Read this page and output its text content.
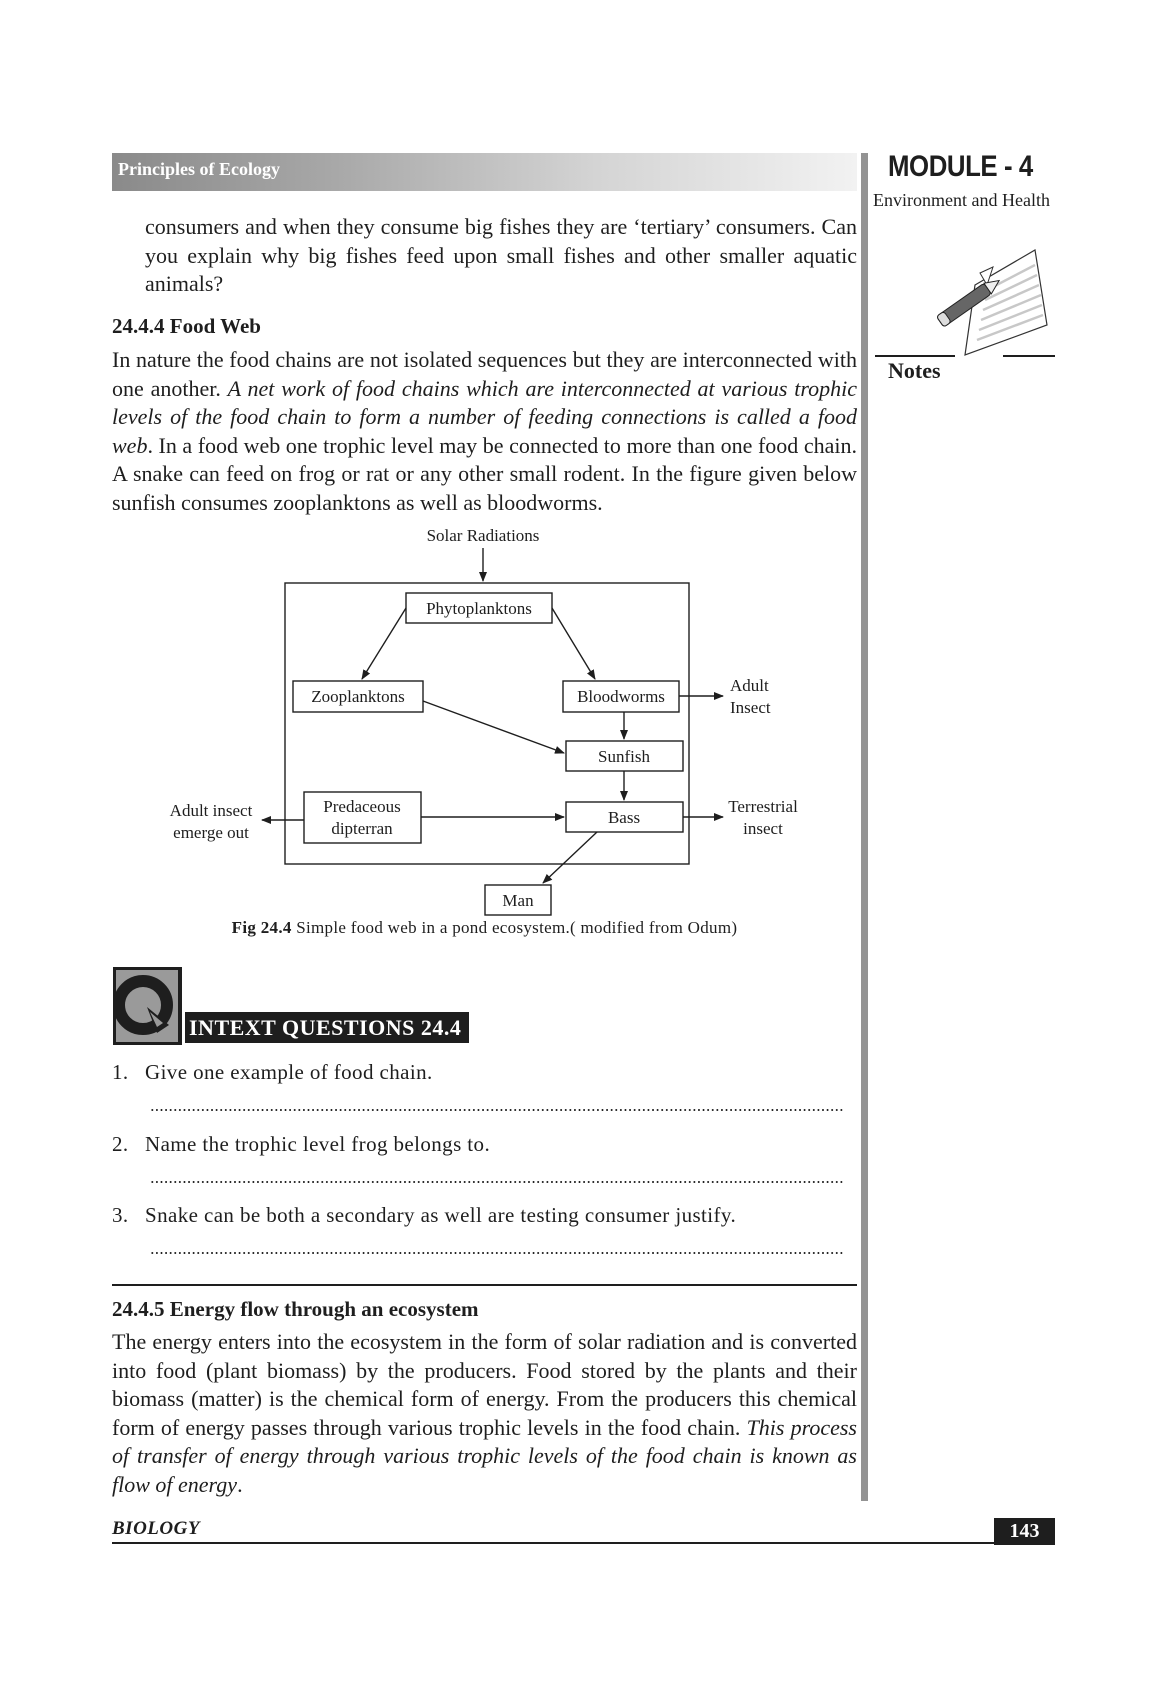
Principles of Ecology	MODULE - 4
Environment and Health
Notes
consumers and when they consume big fishes they are ‘tertiary’ consumers. Can you explain why big fishes feed upon small fishes and other smaller aquatic animals?
24.4.4 Food Web
In nature the food chains are not isolated sequences but they are interconnected with one another. A net work of food chains which are interconnected at various trophic levels of the food chain to form a number of feeding connections is called a food web. In a food web one trophic level may be connected to more than one food chain. A snake can feed on frog or rat or any other small rodent. In the figure given below sunfish consumes zooplanktons as well as bloodworms.
Solar Radiations
Phytoplanktons
Zooplanktons	Bloodworms
Adult
Insect
Sunfish
Predaceous
dipterran
Bass
Adult insect
emerge out
Terrestrial
insect
Man
Fig 24.4 Simple food web in a pond ecosystem.( modified from Odum)
INTEXT QUESTIONS 24.4
1. Give one example of food chain.
2. Name the trophic level frog belongs to.
3. Snake can be both a secondary as well are testing consumer justify.
24.4.5 Energy flow through an ecosystem
The energy enters into the ecosystem in the form of solar radiation and is converted into food (plant biomass) by the producers. Food stored by the plants and their biomass (matter) is the chemical form of energy. From the producers this chemical form of energy passes through various trophic levels in the food chain. This process of transfer of energy through various trophic levels of the food chain is known as flow of energy.
BIOLOGY	143
